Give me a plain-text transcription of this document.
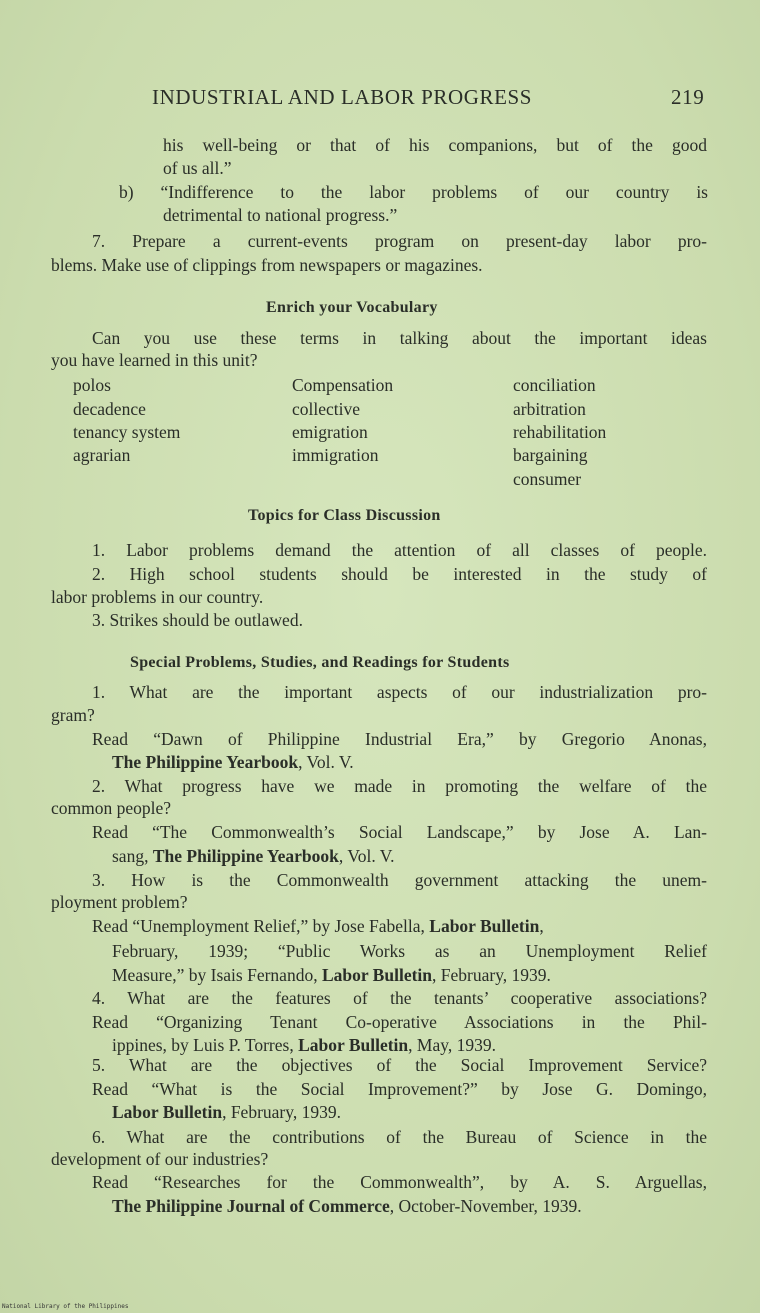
INDUSTRIAL AND LABOR PROGRESS	219
his well-being or that of his companions, but of the good
of us all.”
b) “Indifference to the labor problems of our country is
detrimental to national progress.”
7. Prepare a current-events program on present-day labor pro-
blems. Make use of clippings from newspapers or magazines.
Enrich your Vocabulary
Can you use these terms in talking about the important ideas
you have learned in this unit?
polos
decadence
tenancy system
agrarian
Compensation
collective
emigration
immigration
conciliation
arbitration
rehabilitation
bargaining
consumer
Topics for Class Discussion
1. Labor problems demand the attention of all classes of people.
2. High school students should be interested in the study of
labor problems in our country.
3. Strikes should be outlawed.
Special Problems, Studies, and Readings for Students
1. What are the important aspects of our industrialization pro-
gram?
Read “Dawn of Philippine Industrial Era,” by Gregorio Anonas,
The Philippine Yearbook, Vol. V.
2. What progress have we made in promoting the welfare of the
common people?
Read “The Commonwealth’s Social Landscape,” by Jose A. Lan-
sang, The Philippine Yearbook, Vol. V.
3. How is the Commonwealth government attacking the unem-
ployment problem?
Read “Unemployment Relief,” by Jose Fabella, Labor Bulletin,
February, 1939; “Public Works as an Unemployment Relief
Measure,” by Isais Fernando, Labor Bulletin, February, 1939.
4. What are the features of the tenants’ cooperative associations?
Read “Organizing Tenant Co-operative Associations in the Phil-
ippines, by Luis P. Torres, Labor Bulletin, May, 1939.
5. What are the objectives of the Social Improvement Service?
Read “What is the Social Improvement?” by Jose G. Domingo,
Labor Bulletin, February, 1939.
6. What are the contributions of the Bureau of Science in the
development of our industries?
Read “Researches for the Commonwealth”, by A. S. Arguellas,
The Philippine Journal of Commerce, October-November, 1939.
National Library of the Philippines
